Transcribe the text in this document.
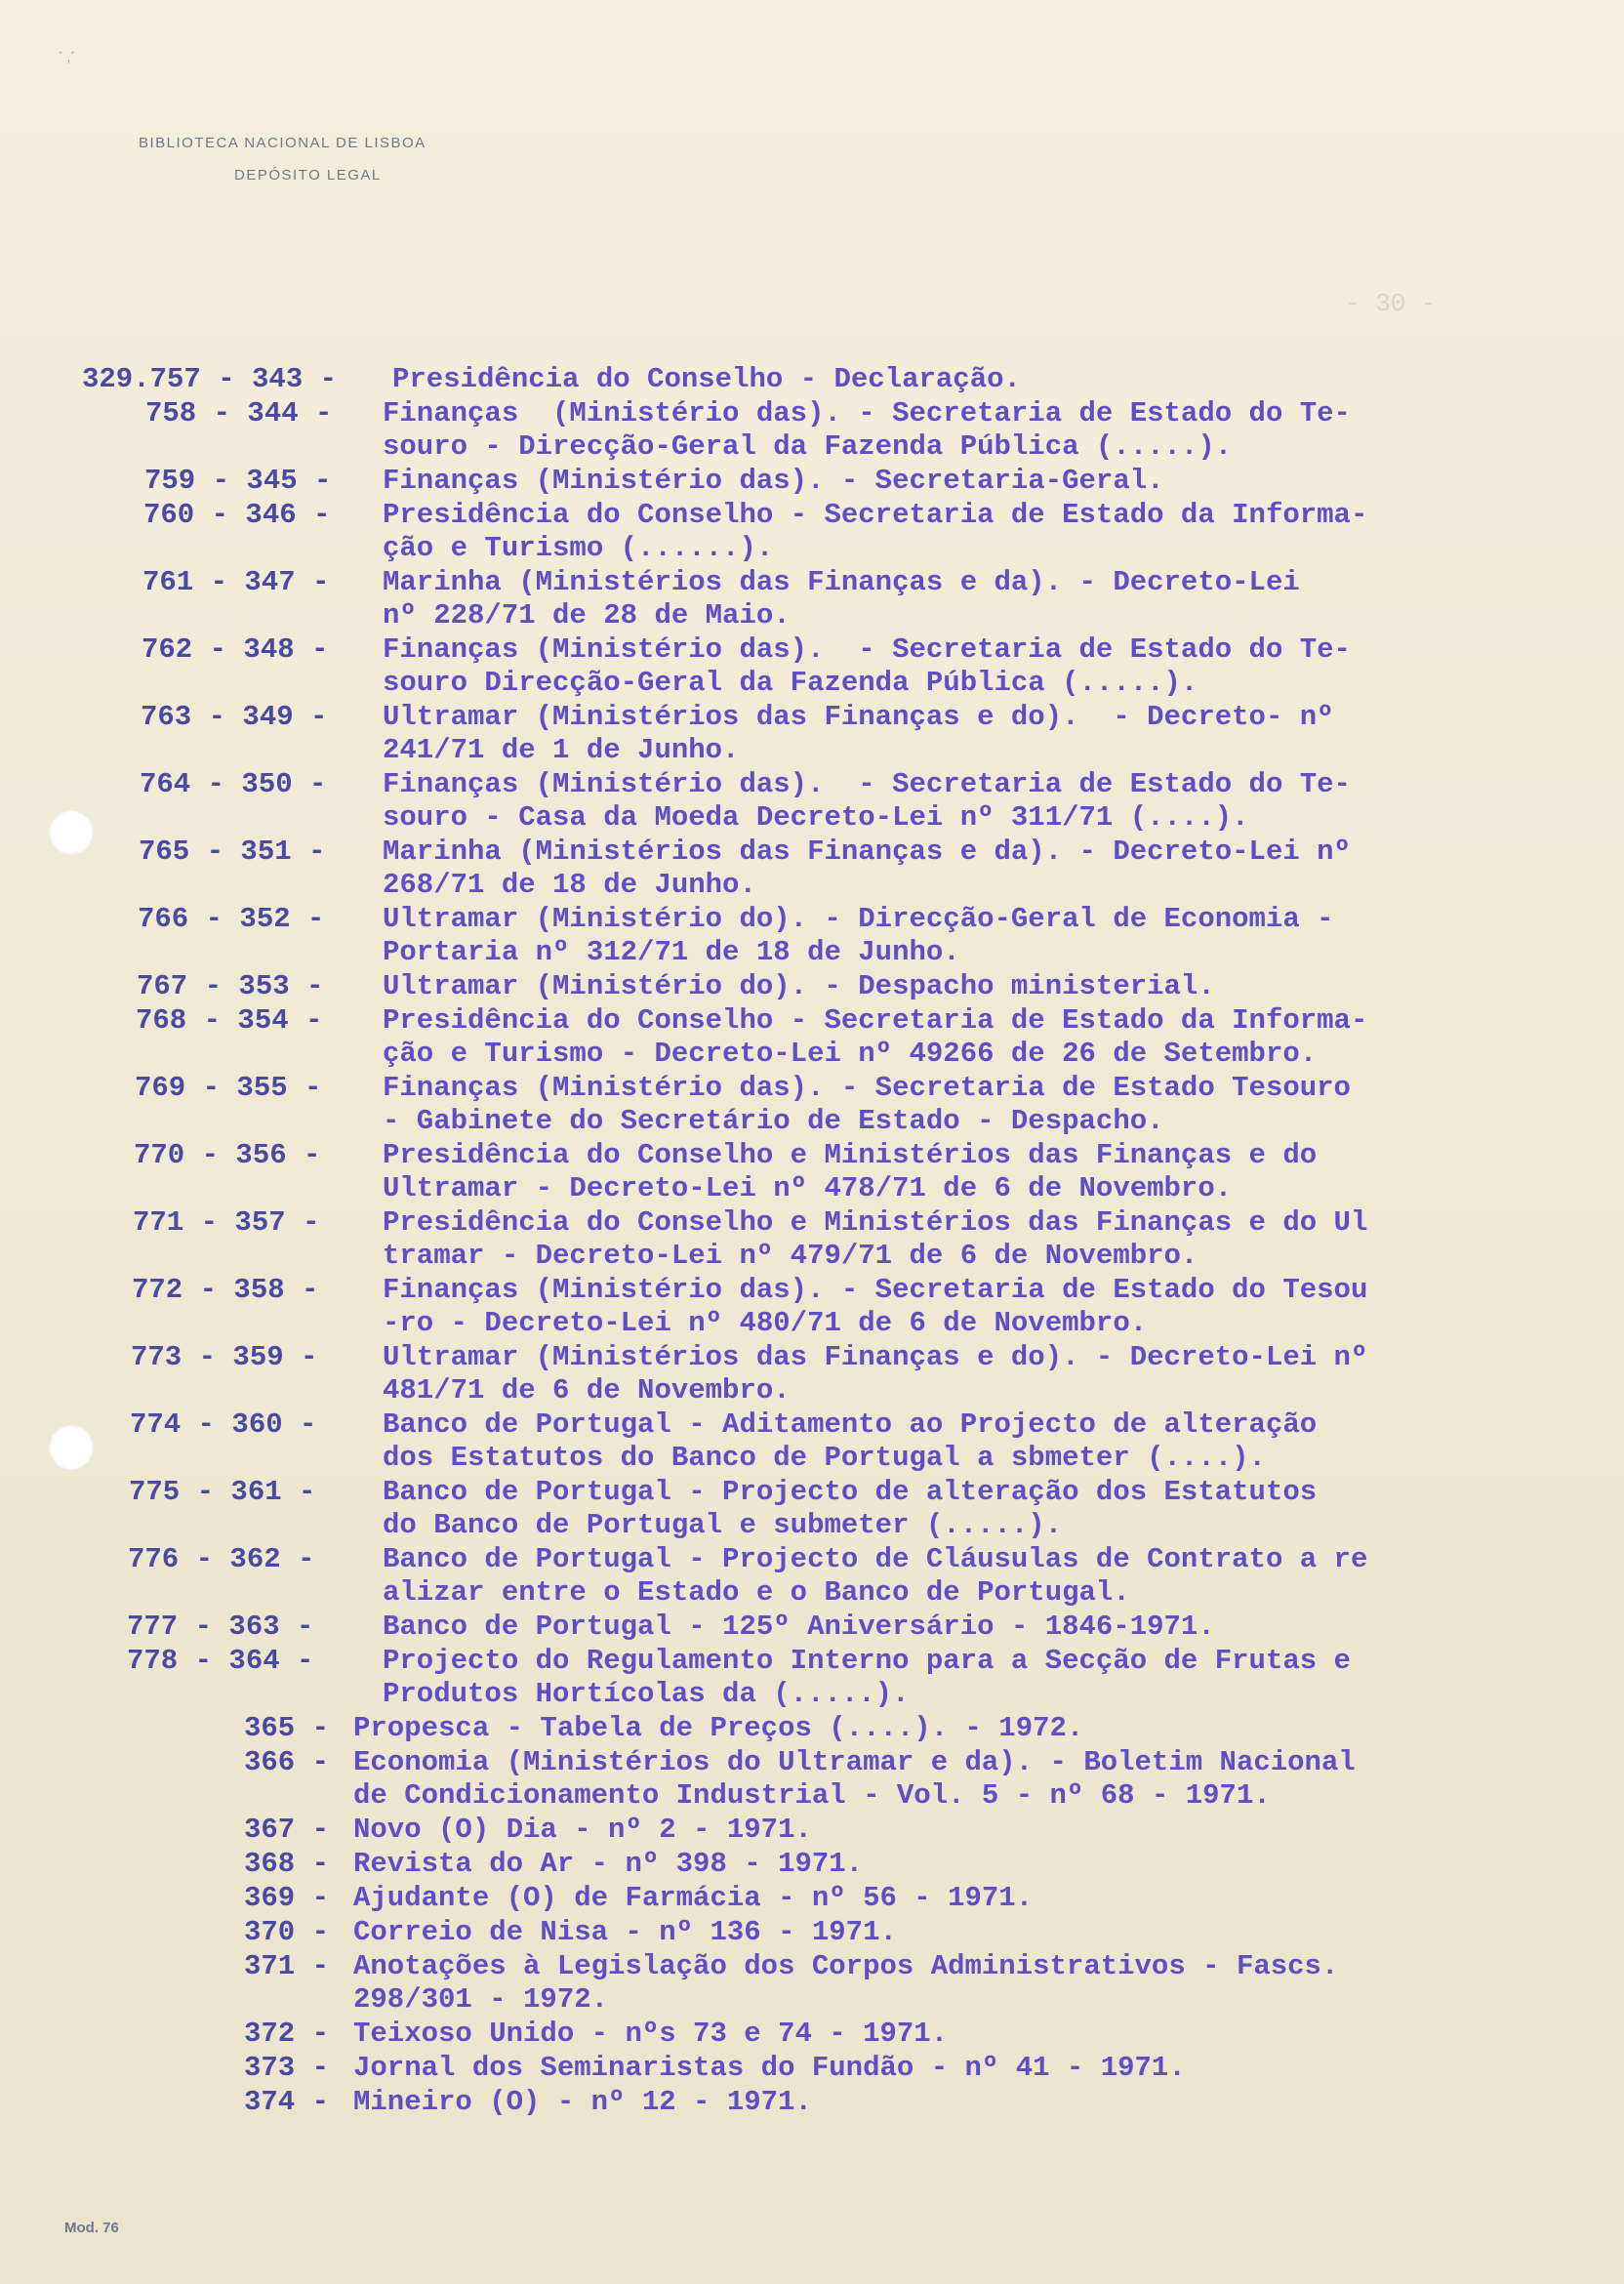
´ ,´
BIBLIOTECA NACIONAL DE LISBOA
DEPÓSITO LEGAL
- 30 -
329.757 - 343 - Presidência do Conselho - Declaração.
758 - 344 - Finanças  (Ministério das). - Secretaria de Estado do Te-
souro - Direcção-Geral da Fazenda Pública (.....).
759 - 345 - Finanças (Ministério das). - Secretaria-Geral.
760 - 346 - Presidência do Conselho - Secretaria de Estado da Informa-
ção e Turismo (......).
761 - 347 - Marinha (Ministérios das Finanças e da). - Decreto-Lei
nº 228/71 de 28 de Maio.
762 - 348 - Finanças (Ministério das).  - Secretaria de Estado do Te-
souro Direcção-Geral da Fazenda Pública (.....).
763 - 349 - Ultramar (Ministérios das Finanças e do).  - Decreto- nº
241/71 de 1 de Junho.
764 - 350 - Finanças (Ministério das).  - Secretaria de Estado do Te-
souro - Casa da Moeda Decreto-Lei nº 311/71 (....).
765 - 351 - Marinha (Ministérios das Finanças e da). - Decreto-Lei nº
268/71 de 18 de Junho.
766 - 352 - Ultramar (Ministério do). - Direcção-Geral de Economia -
Portaria nº 312/71 de 18 de Junho.
767 - 353 - Ultramar (Ministério do). - Despacho ministerial.
768 - 354 - Presidência do Conselho - Secretaria de Estado da Informa-
ção e Turismo - Decreto-Lei nº 49266 de 26 de Setembro.
769 - 355 - Finanças (Ministério das). - Secretaria de Estado Tesouro
- Gabinete do Secretário de Estado - Despacho.
770 - 356 - Presidência do Conselho e Ministérios das Finanças e do
Ultramar - Decreto-Lei nº 478/71 de 6 de Novembro.
771 - 357 - Presidência do Conselho e Ministérios das Finanças e do Ul
tramar - Decreto-Lei nº 479/71 de 6 de Novembro.
772 - 358 - Finanças (Ministério das). - Secretaria de Estado do Tesou
-ro - Decreto-Lei nº 480/71 de 6 de Novembro.
773 - 359 - Ultramar (Ministérios das Finanças e do). - Decreto-Lei nº
481/71 de 6 de Novembro.
774 - 360 - Banco de Portugal - Aditamento ao Projecto de alteração
dos Estatutos do Banco de Portugal a sbmeter (....).
775 - 361 - Banco de Portugal - Projecto de alteração dos Estatutos
do Banco de Portugal e submeter (.....).
776 - 362 - Banco de Portugal - Projecto de Cláusulas de Contrato a re
alizar entre o Estado e o Banco de Portugal.
777 - 363 - Banco de Portugal - 125º Aniversário - 1846-1971.
778 - 364 - Projecto do Regulamento Interno para a Secção de Frutas e
Produtos Hortícolas da (.....).
365 - Propesca - Tabela de Preços (....). - 1972.
366 - Economia (Ministérios do Ultramar e da). - Boletim Nacional
de Condicionamento Industrial - Vol. 5 - nº 68 - 1971.
367 - Novo (O) Dia - nº 2 - 1971.
368 - Revista do Ar - nº 398 - 1971.
369 - Ajudante (O) de Farmácia - nº 56 - 1971.
370 - Correio de Nisa - nº 136 - 1971.
371 - Anotações à Legislação dos Corpos Administrativos - Fascs.
298/301 - 1972.
372 - Teixoso Unido - nºs 73 e 74 - 1971.
373 - Jornal dos Seminaristas do Fundão - nº 41 - 1971.
374 - Mineiro (O) - nº 12 - 1971.
Mod. 76
